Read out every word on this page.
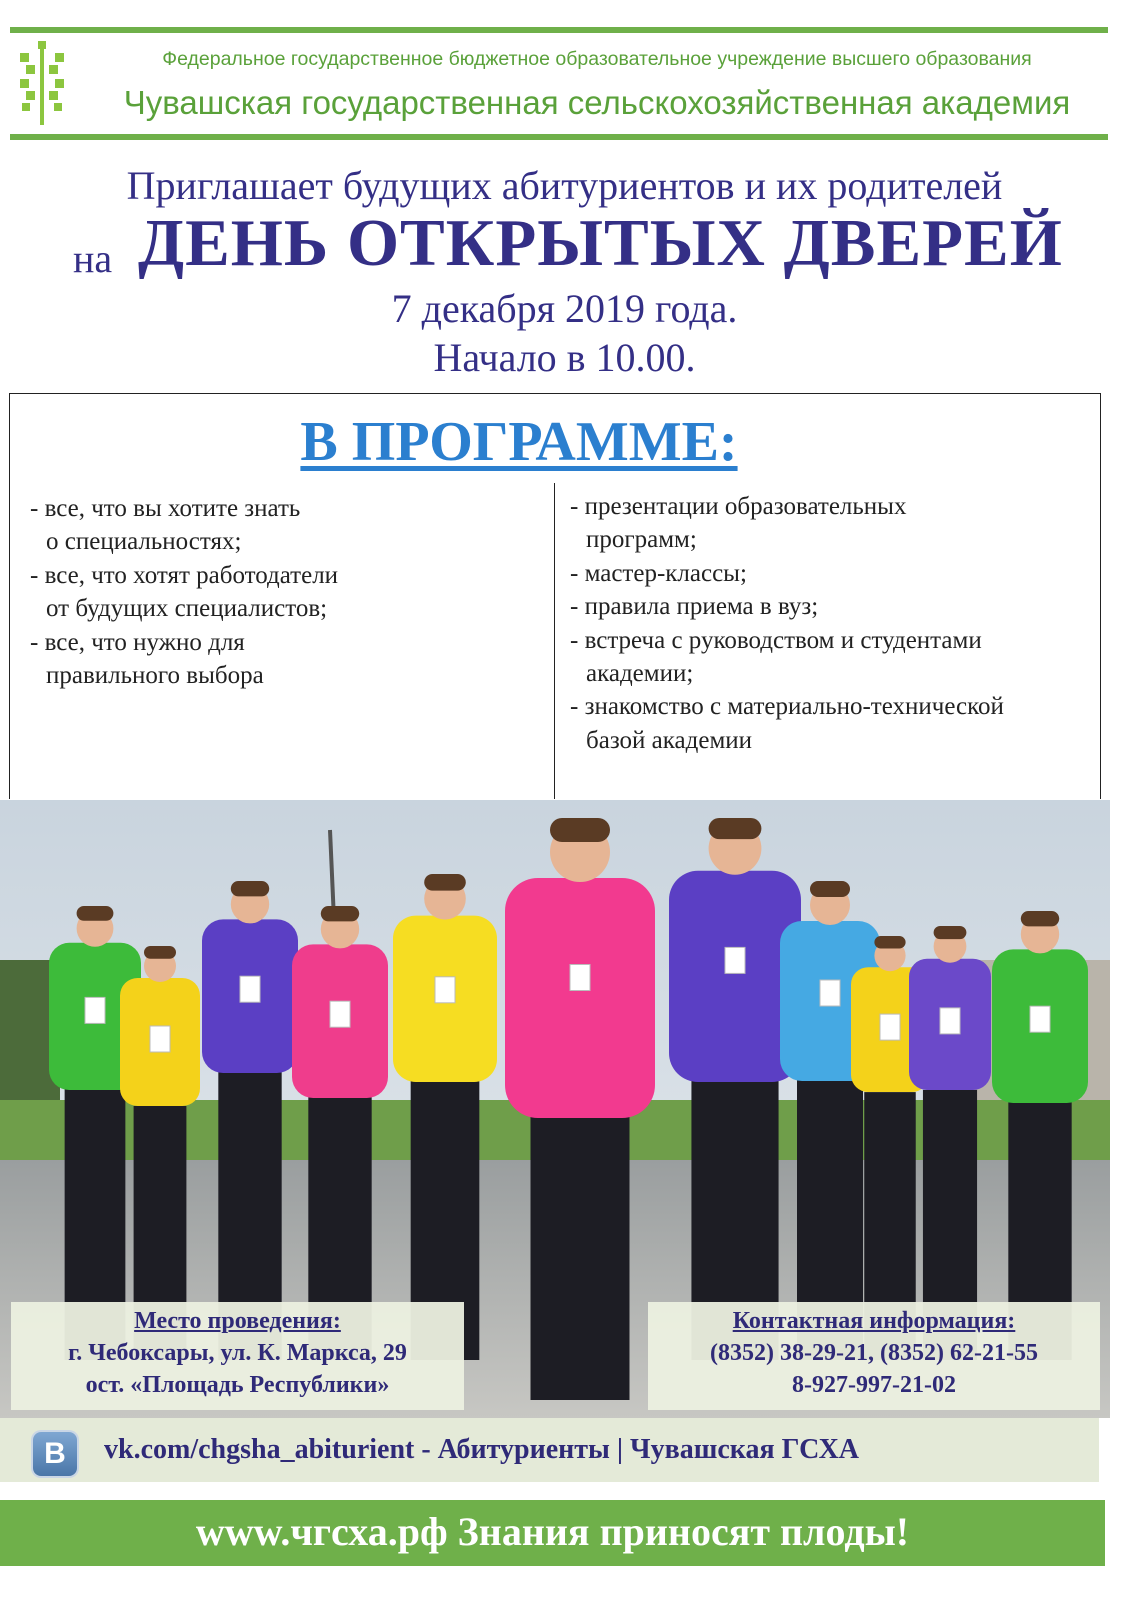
Федеральное государственное бюджетное образовательное учреждение высшего образования
Чувашская государственная сельскохозяйственная академия
Приглашает будущих абитуриентов и их родителей
на ДЕНЬ ОТКРЫТЫХ ДВЕРЕЙ
7 декабря 2019 года.
Начало в 10.00.
В ПРОГРАММЕ:
- все, что вы хотите знать
о специальностях;
- все, что хотят работодатели
от будущих специалистов;
- все, что нужно для
правильного выбора
- презентации образовательных
программ;
- мастер-классы;
- правила приема в вуз;
- встреча с руководством и студентами
академии;
- знакомство с материально-технической
базой академии
Место проведения:
г. Чебоксары, ул. К. Маркса, 29
ост. «Площадь Республики»
Контактная информация:
(8352) 38-29-21, (8352) 62-21-55
8-927-997-21-02
B	vk.com/chgsha_abiturient - Абитуриенты | Чувашская ГСХА
www.чгсха.рф Знания приносят плоды!
